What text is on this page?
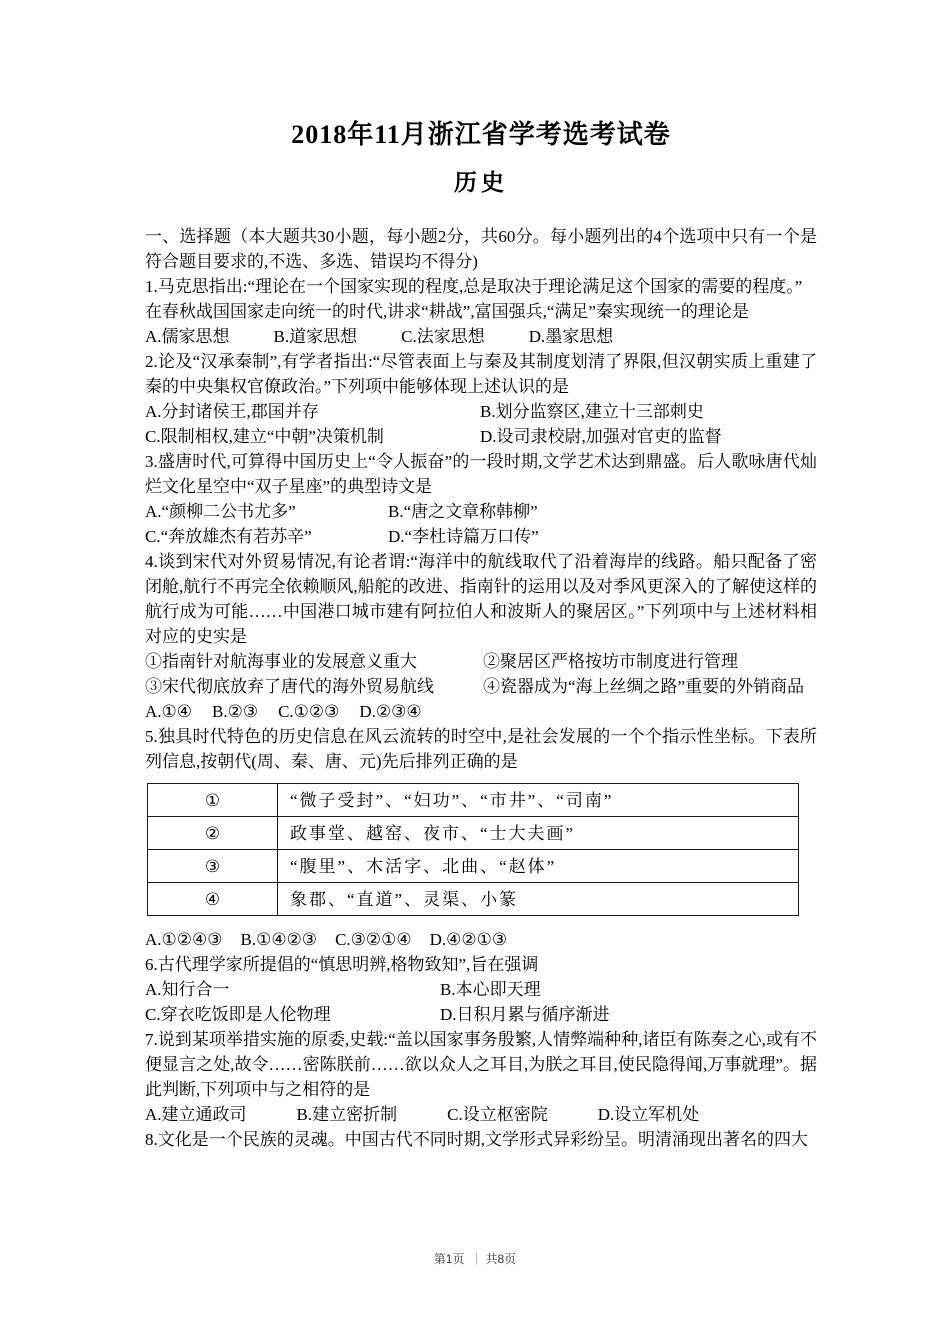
2018年11月浙江省学考选考试卷
历史

一、选择题（本大题共30小题，每小题2分，共60分。每小题列出的4个选项中只有一个是符合题目要求的,不选、多选、错误均不得分)

1.马克思指出:“理论在一个国家实现的程度,总是取决于理论满足这个国家的需要的程度。”

在春秋战国国家走向统一的时代,讲求“耕战”,富国强兵,“满足”秦实现统一的理论是

A.儒家思想	B.道家思想	C.法家思想	D.墨家思想

2.论及“汉承秦制”,有学者指出:“尽管表面上与秦及其制度划清了界限,但汉朝实质上重建了秦的中央集权官僚政治。”下列项中能够体现上述认识的是

A.分封诸侯王,郡国并存	B.划分监察区,建立十三部刺史

C.限制相权,建立“中朝”决策机制	D.设司隶校尉,加强对官吏的监督

3.盛唐时代,可算得中国历史上“令人振奋”的一段时期,文学艺术达到鼎盛。后人歌咏唐代灿烂文化星空中“双子星座”的典型诗文是

A.“颜柳二公书尤多”	B.“唐之文章称韩柳”

C.“奔放雄杰有若苏辛”	D.“李杜诗篇万口传”

4.谈到宋代对外贸易情况,有论者谓:“海洋中的航线取代了沿着海岸的线路。船只配备了密闭舱,航行不再完全依赖顺风,船舵的改进、指南针的运用以及对季风更深入的了解使这样的航行成为可能……中国港口城市建有阿拉伯人和波斯人的聚居区。”下列项中与上述材料相对应的史实是

①指南针对航海事业的发展意义重大	②聚居区严格按坊市制度进行管理

③宋代彻底放弃了唐代的海外贸易航线	④瓷器成为“海上丝绸之路”重要的外销商品

A.①④ B.②③ C.①②③ D.②③④

5.独具时代特色的历史信息在风云流转的时空中,是社会发展的一个个指示性坐标。下表所列信息,按朝代(周、秦、唐、元)先后排列正确的是

①	“微子受封”、“妇功”、“市井”、“司南”
②	政事堂、越窑、夜市、“士大夫画”
③	“腹里”、木活字、北曲、“赵体”
④	象郡、“直道”、灵渠、小篆

A.①②④③ B.①④②③ C.③②①④ D.④②①③

6.古代理学家所提倡的“慎思明辨,格物致知”,旨在强调

A.知行合一	B.本心即天理

C.穿衣吃饭即是人伦物理	D.日积月累与循序渐进

7.说到某项举措实施的原委,史载:“盖以国家事务殷繁,人情弊端种种,诸臣有陈奏之心,或有不便显言之处,故令……密陈朕前……欲以众人之耳目,为朕之耳目,使民隐得闻,万事就理”。据此判断,下列项中与之相符的是

A.建立通政司	B.建立密折制	C.设立枢密院	D.设立军机处

8.文化是一个民族的灵魂。中国古代不同时期,文学形式异彩纷呈。明清涌现出著名的四大

第1页 ｜ 共8页
